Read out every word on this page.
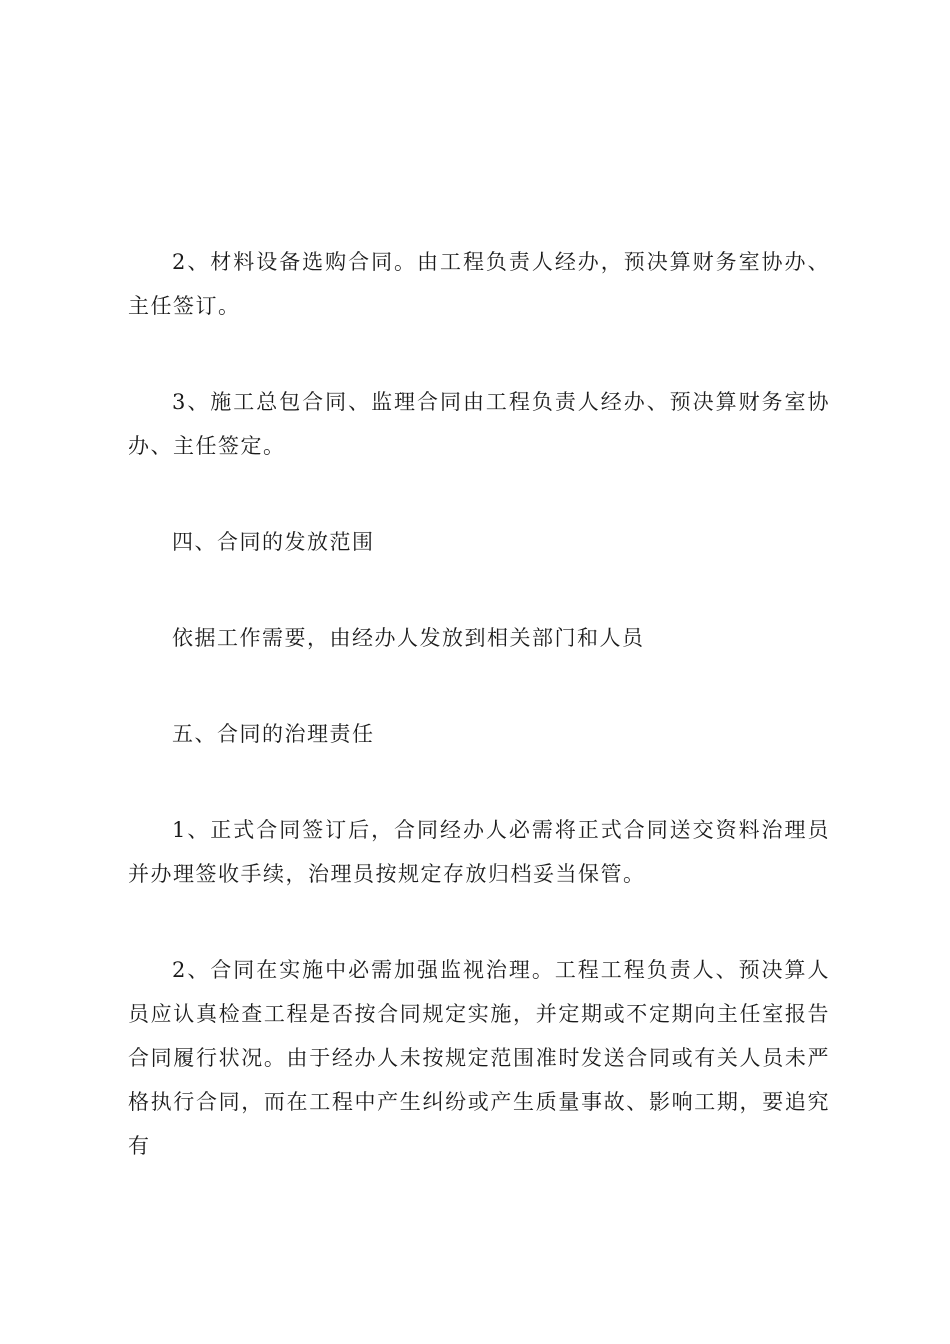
2、材料设备选购合同。由工程负责人经办，预决算财务室协办、主任签订。

3、施工总包合同、监理合同由工程负责人经办、预决算财务室协办、主任签定。

四、合同的发放范围

依据工作需要，由经办人发放到相关部门和人员

五、合同的治理责任

1、正式合同签订后，合同经办人必需将正式合同送交资料治理员并办理签收手续，治理员按规定存放归档妥当保管。

2、合同在实施中必需加强监视治理。工程工程负责人、预决算人员应认真检查工程是否按合同规定实施，并定期或不定期向主任室报告合同履行状况。由于经办人未按规定范围准时发送合同或有关人员未严格执行合同，而在工程中产生纠纷或产生质量事故、影响工期，要追究有
